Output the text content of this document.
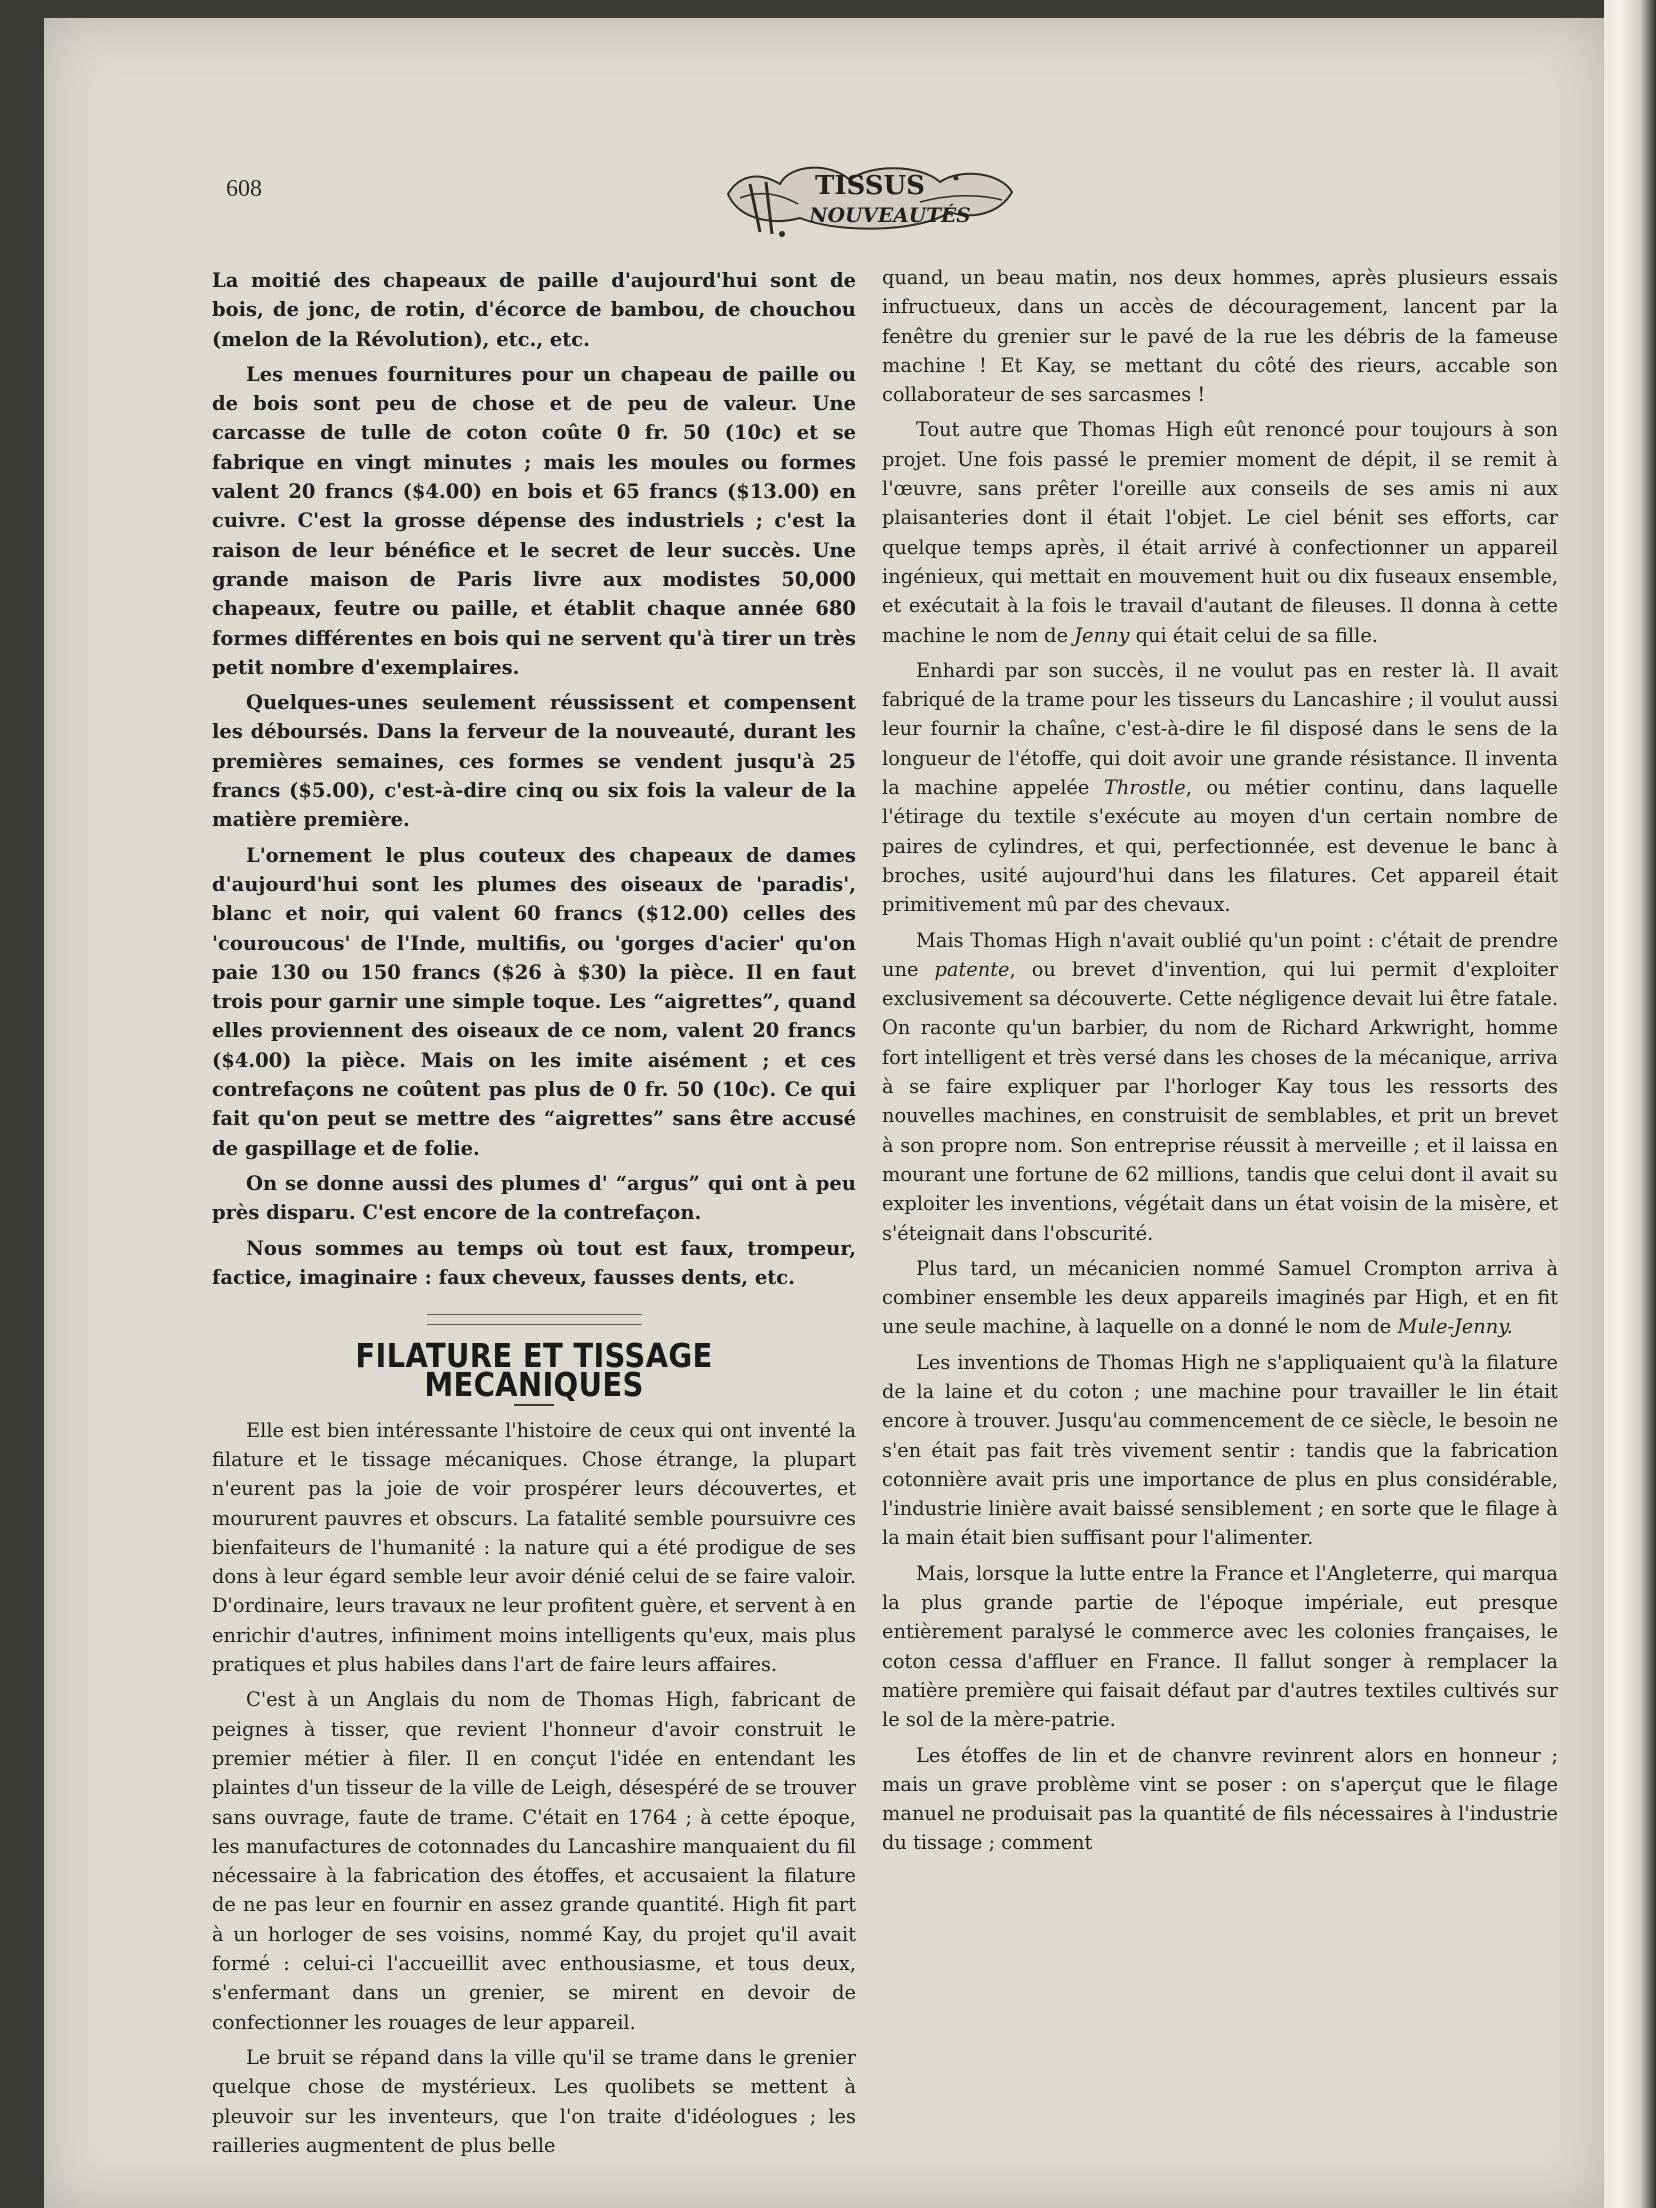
608	TISSUS
NOUVEAUTÉS

La moitié des chapeaux de paille d'aujourd'hui sont de bois, de jonc, de rotin, d'écorce de bambou, de chouchou (melon de la Révolution), etc., etc.

Les menues fournitures pour un chapeau de paille ou de bois sont peu de chose et de peu de valeur. Une carcasse de tulle de coton coûte 0 fr. 50 (10c) et se fabrique en vingt minutes ; mais les moules ou formes valent 20 francs ($4.00) en bois et 65 francs ($13.00) en cuivre. C'est la grosse dépense des industriels ; c'est la raison de leur bénéfice et le secret de leur succès. Une grande maison de Paris livre aux modistes 50,000 chapeaux, feutre ou paille, et établit chaque année 680 formes différentes en bois qui ne servent qu'à tirer un très petit nombre d'exemplaires.

Quelques-unes seulement réussissent et compensent les déboursés. Dans la ferveur de la nouveauté, durant les premières semaines, ces formes se vendent jusqu'à 25 francs ($5.00), c'est-à-dire cinq ou six fois la valeur de la matière première.

L'ornement le plus couteux des chapeaux de dames d'aujourd'hui sont les plumes des oiseaux de 'paradis', blanc et noir, qui valent 60 francs ($12.00) celles des 'couroucous' de l'Inde, multifis, ou 'gorges d'acier' qu'on paie 130 ou 150 francs ($26 à $30) la pièce. Il en faut trois pour garnir une simple toque. Les “aigrettes”, quand elles proviennent des oiseaux de ce nom, valent 20 francs ($4.00) la pièce. Mais on les imite aisément ; et ces contrefaçons ne coûtent pas plus de 0 fr. 50 (10c). Ce qui fait qu'on peut se mettre des “aigrettes” sans être accusé de gaspillage et de folie.

On se donne aussi des plumes d' “argus” qui ont à peu près disparu. C'est encore de la contrefaçon.

Nous sommes au temps où tout est faux, trompeur, factice, imaginaire : faux cheveux, fausses dents, etc.

FILATURE ET TISSAGE MECANIQUES

Elle est bien intéressante l'histoire de ceux qui ont inventé la filature et le tissage mécaniques. Chose étrange, la plupart n'eurent pas la joie de voir prospérer leurs découvertes, et moururent pauvres et obscurs. La fatalité semble poursuivre ces bienfaiteurs de l'humanité : la nature qui a été prodigue de ses dons à leur égard semble leur avoir dénié celui de se faire valoir. D'ordinaire, leurs travaux ne leur profitent guère, et servent à en enrichir d'autres, infiniment moins intelligents qu'eux, mais plus pratiques et plus habiles dans l'art de faire leurs affaires.

C'est à un Anglais du nom de Thomas High, fabricant de peignes à tisser, que revient l'honneur d'avoir construit le premier métier à filer. Il en conçut l'idée en entendant les plaintes d'un tisseur de la ville de Leigh, désespéré de se trouver sans ouvrage, faute de trame. C'était en 1764 ; à cette époque, les manufactures de cotonnades du Lancashire manquaient du fil nécessaire à la fabrication des étoffes, et accusaient la filature de ne pas leur en fournir en assez grande quantité. High fit part à un horloger de ses voisins, nommé Kay, du projet qu'il avait formé : celui-ci l'accueillit avec enthousiasme, et tous deux, s'enfermant dans un grenier, se mirent en devoir de confectionner les rouages de leur appareil.

Le bruit se répand dans la ville qu'il se trame dans le grenier quelque chose de mystérieux. Les quolibets se mettent à pleuvoir sur les inventeurs, que l'on traite d'idéologues ; les railleries augmentent de plus belle

quand, un beau matin, nos deux hommes, après plusieurs essais infructueux, dans un accès de découragement, lancent par la fenêtre du grenier sur le pavé de la rue les débris de la fameuse machine ! Et Kay, se mettant du côté des rieurs, accable son collaborateur de ses sarcasmes !

Tout autre que Thomas High eût renoncé pour toujours à son projet. Une fois passé le premier moment de dépit, il se remit à l'œuvre, sans prêter l'oreille aux conseils de ses amis ni aux plaisanteries dont il était l'objet. Le ciel bénit ses efforts, car quelque temps après, il était arrivé à confectionner un appareil ingénieux, qui mettait en mouvement huit ou dix fuseaux ensemble, et exécutait à la fois le travail d'autant de fileuses. Il donna à cette machine le nom de Jenny qui était celui de sa fille.

Enhardi par son succès, il ne voulut pas en rester là. Il avait fabriqué de la trame pour les tisseurs du Lancashire ; il voulut aussi leur fournir la chaîne, c'est-à-dire le fil disposé dans le sens de la longueur de l'étoffe, qui doit avoir une grande résistance. Il inventa la machine appelée Throstle, ou métier continu, dans laquelle l'étirage du textile s'exécute au moyen d'un certain nombre de paires de cylindres, et qui, perfectionnée, est devenue le banc à broches, usité aujourd'hui dans les filatures. Cet appareil était primitivement mû par des chevaux.

Mais Thomas High n'avait oublié qu'un point : c'était de prendre une patente, ou brevet d'invention, qui lui permit d'exploiter exclusivement sa découverte. Cette négligence devait lui être fatale. On raconte qu'un barbier, du nom de Richard Arkwright, homme fort intelligent et très versé dans les choses de la mécanique, arriva à se faire expliquer par l'horloger Kay tous les ressorts des nouvelles machines, en construisit de semblables, et prit un brevet à son propre nom. Son entreprise réussit à merveille ; et il laissa en mourant une fortune de 62 millions, tandis que celui dont il avait su exploiter les inventions, végétait dans un état voisin de la misère, et s'éteignait dans l'obscurité.

Plus tard, un mécanicien nommé Samuel Crompton arriva à combiner ensemble les deux appareils imaginés par High, et en fit une seule machine, à laquelle on a donné le nom de Mule-Jenny.

Les inventions de Thomas High ne s'appliquaient qu'à la filature de la laine et du coton ; une machine pour travailler le lin était encore à trouver. Jusqu'au commencement de ce siècle, le besoin ne s'en était pas fait très vivement sentir : tandis que la fabrication cotonnière avait pris une importance de plus en plus considérable, l'industrie linière avait baissé sensiblement ; en sorte que le filage à la main était bien suffisant pour l'alimenter.

Mais, lorsque la lutte entre la France et l'Angleterre, qui marqua la plus grande partie de l'époque impériale, eut presque entièrement paralysé le commerce avec les colonies françaises, le coton cessa d'affluer en France. Il fallut songer à remplacer la matière première qui faisait défaut par d'autres textiles cultivés sur le sol de la mère-patrie.

Les étoffes de lin et de chanvre revinrent alors en honneur ; mais un grave problème vint se poser : on s'aperçut que le filage manuel ne produisait pas la quantité de fils nécessaires à l'industrie du tissage ; comment
